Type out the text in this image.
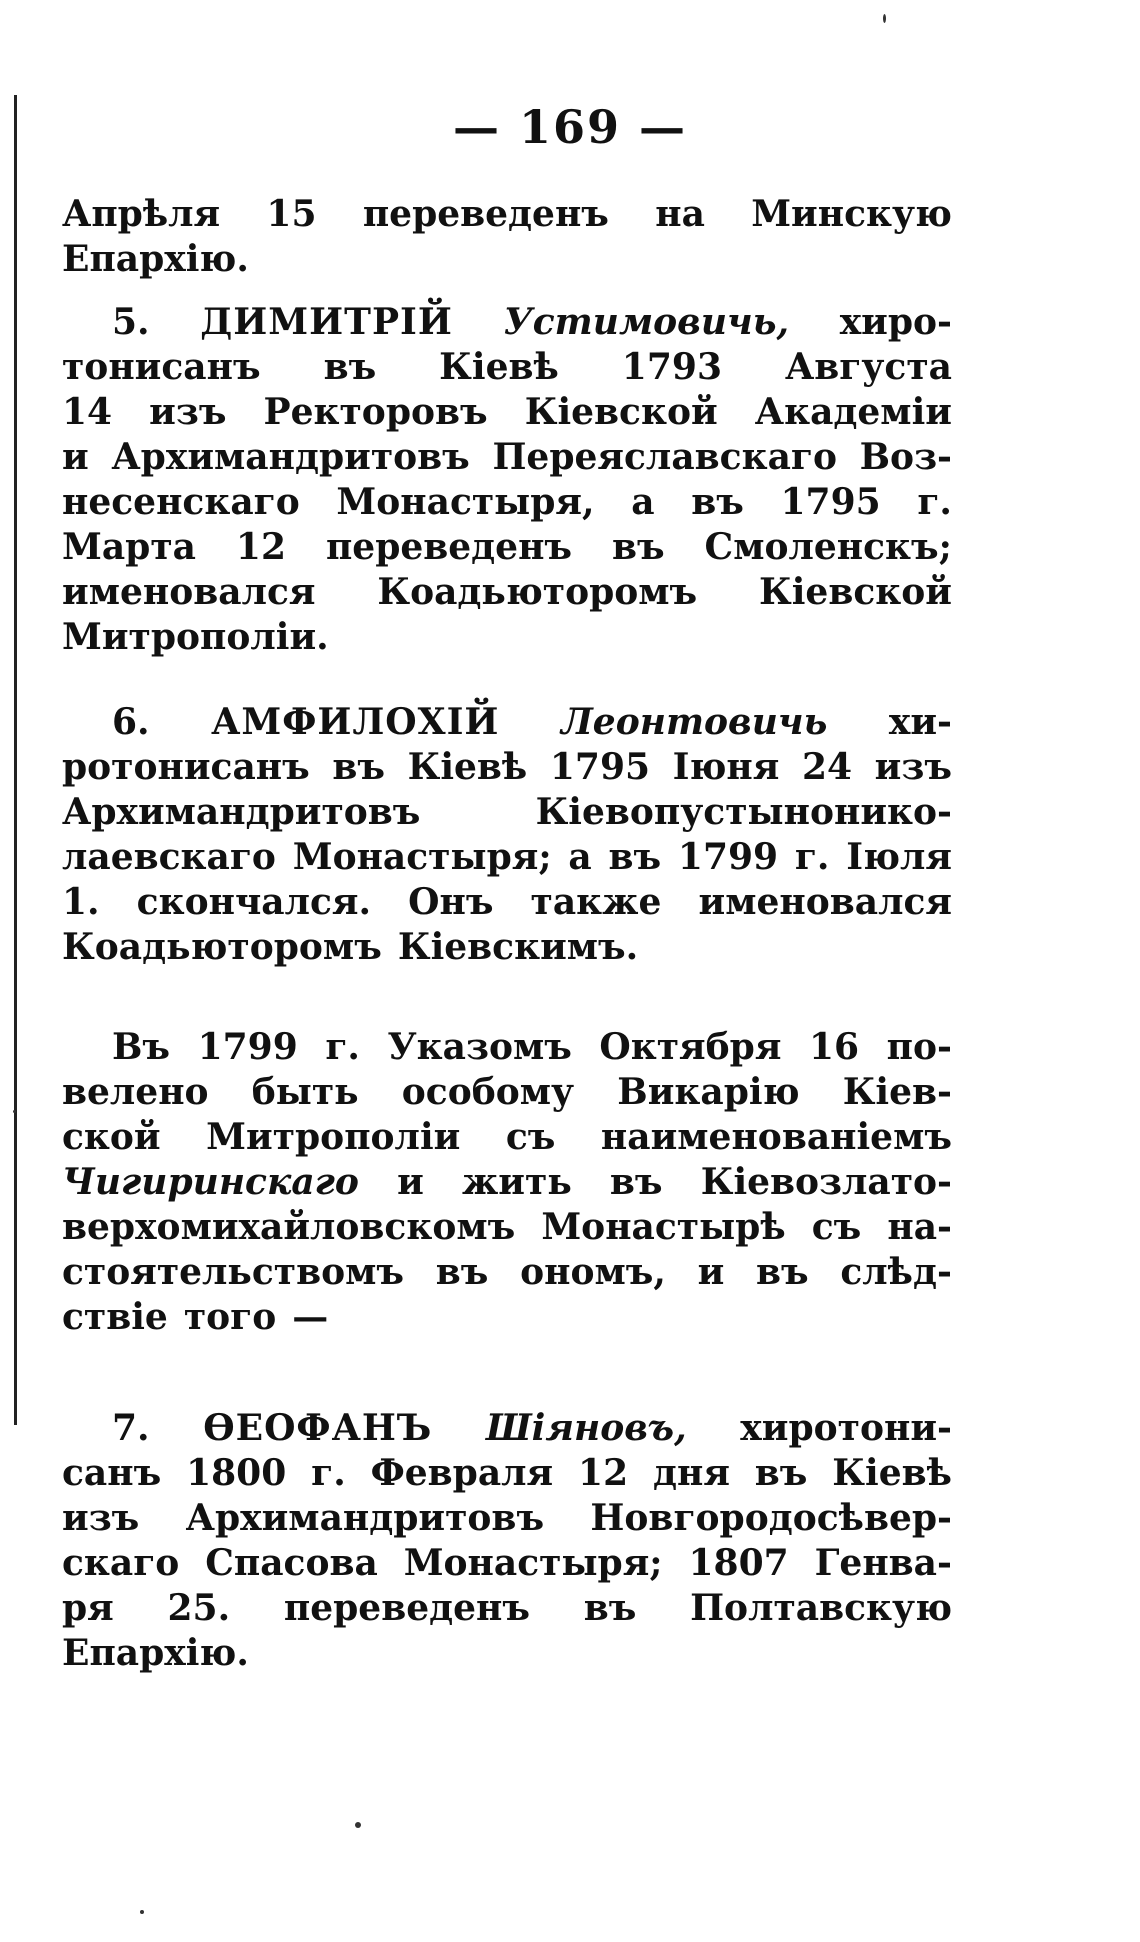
— 169 —
Апрѣля 15 переведенъ на Минскую
Епархію.
5. ДИМИТРІЙ Устимовичь, хиро-
тонисанъ въ Кіевѣ 1793 Августа
14 изъ Ректоровъ Кіевской Академіи
и Архимандритовъ Переяславскаго Воз-
несенскаго Монастыря, а въ 1795 г.
Марта 12 переведенъ въ Смоленскъ;
именовался Коадьюторомъ Кіевской
Митрополіи.
6. АМФИЛОХІЙ Леонтовичь хи-
ротонисанъ въ Кіевѣ 1795 Іюня 24 изъ
Архимандритовъ	Кіевопустынонико-
лаевскаго Монастыря; а въ 1799 г. Іюля
1. скончался. Онъ также именовался
Коадьюторомъ Кіевскимъ.
Въ 1799 г. Указомъ Октября 16 по-
велено быть особому Викарію Кіев-
ской Митрополіи съ наименованіемъ
Чигиринскаго и жить въ Кіевозлато-
верхомихайловскомъ Монастырѣ съ на-
стоятельствомъ въ ономъ, и въ слѣд-
ствіе того —
7. ѲЕОФАНЪ Шіяновъ, хиротони-
санъ 1800 г. Февраля 12 дня въ Кіевѣ
изъ Архимандритовъ Новгородосѣвер-
скаго Спасова Монастыря; 1807 Генва-
ря 25. переведенъ въ Полтавскую
Епархію.
